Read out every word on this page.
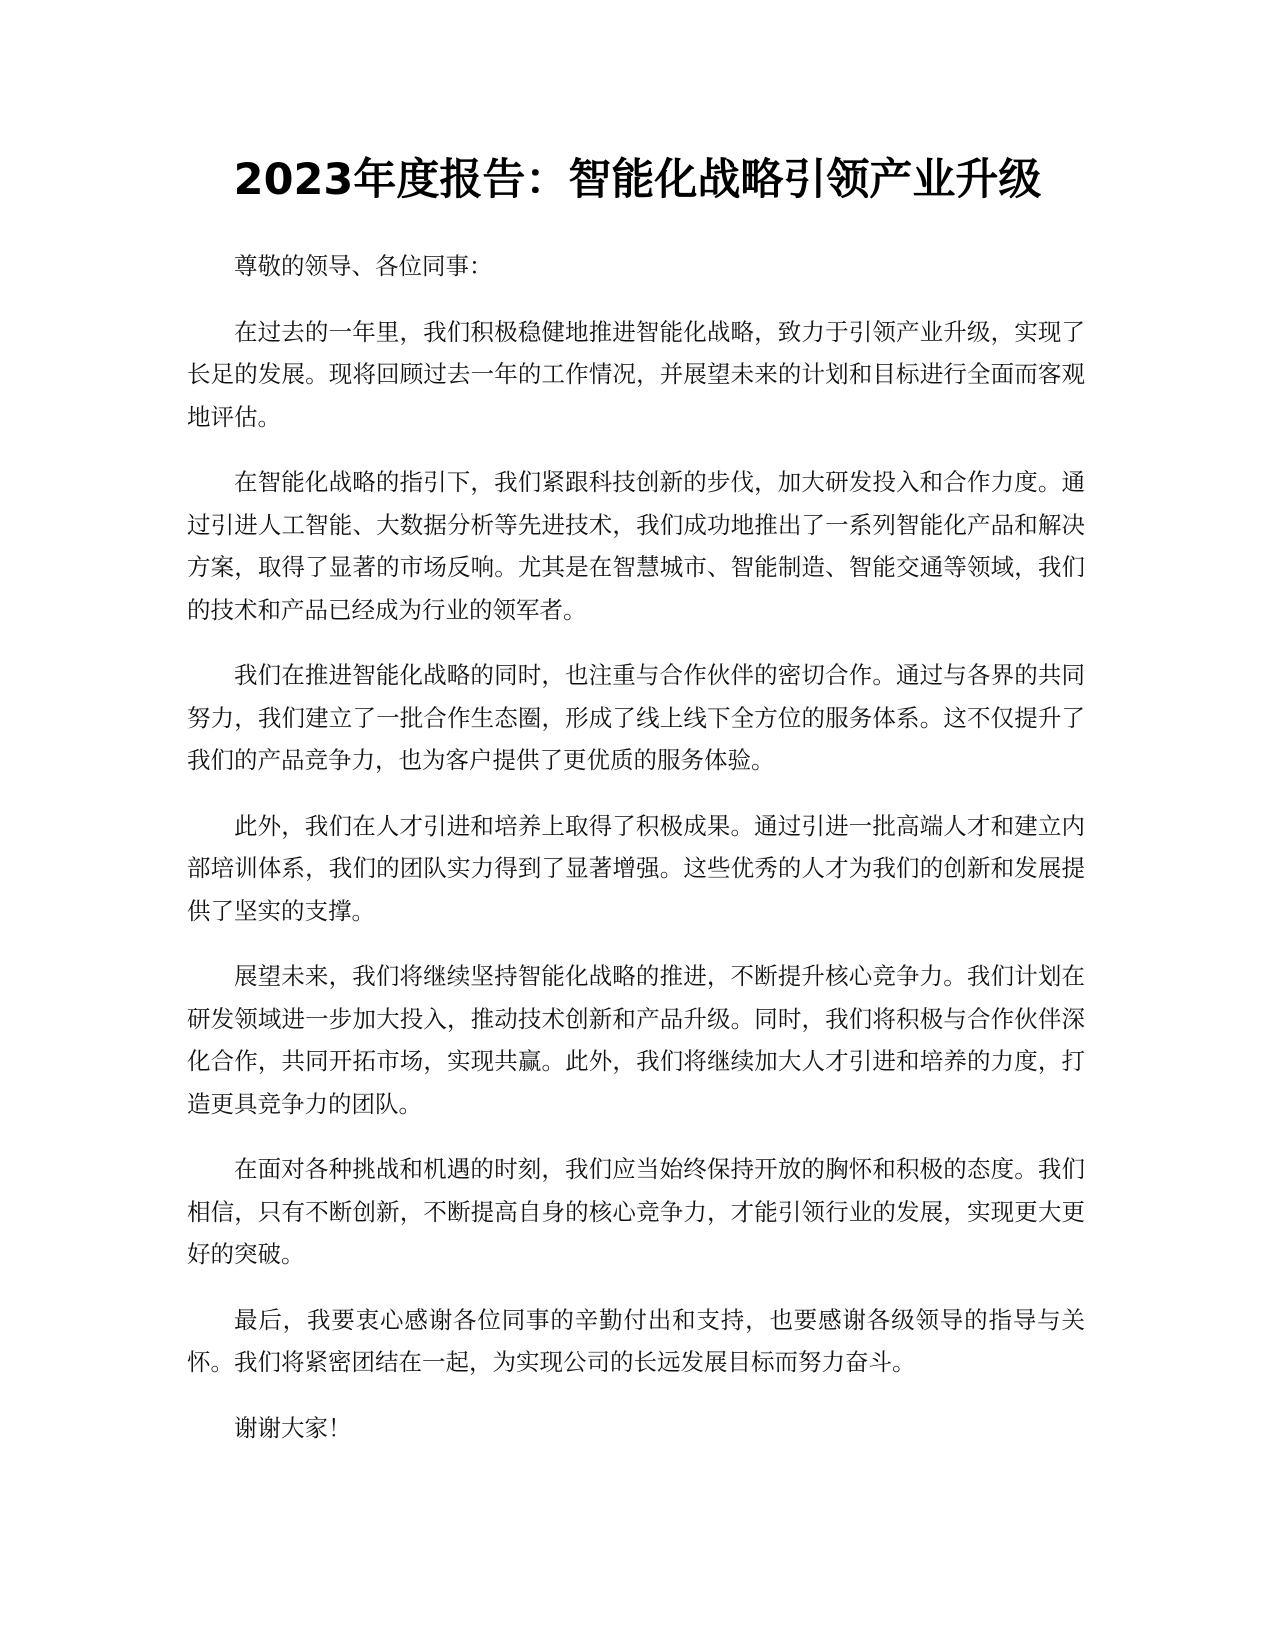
2023年度报告：智能化战略引领产业升级

尊敬的领导、各位同事：

在过去的一年里，我们积极稳健地推进智能化战略，致力于引领产业升级，实现了长足的发展。现将回顾过去一年的工作情况，并展望未来的计划和目标进行全面而客观地评估。

在智能化战略的指引下，我们紧跟科技创新的步伐，加大研发投入和合作力度。通过引进人工智能、大数据分析等先进技术，我们成功地推出了一系列智能化产品和解决方案，取得了显著的市场反响。尤其是在智慧城市、智能制造、智能交通等领域，我们的技术和产品已经成为行业的领军者。

我们在推进智能化战略的同时，也注重与合作伙伴的密切合作。通过与各界的共同努力，我们建立了一批合作生态圈，形成了线上线下全方位的服务体系。这不仅提升了我们的产品竞争力，也为客户提供了更优质的服务体验。

此外，我们在人才引进和培养上取得了积极成果。通过引进一批高端人才和建立内部培训体系，我们的团队实力得到了显著增强。这些优秀的人才为我们的创新和发展提供了坚实的支撑。

展望未来，我们将继续坚持智能化战略的推进，不断提升核心竞争力。我们计划在研发领域进一步加大投入，推动技术创新和产品升级。同时，我们将积极与合作伙伴深化合作，共同开拓市场，实现共赢。此外，我们将继续加大人才引进和培养的力度，打造更具竞争力的团队。

在面对各种挑战和机遇的时刻，我们应当始终保持开放的胸怀和积极的态度。我们相信，只有不断创新，不断提高自身的核心竞争力，才能引领行业的发展，实现更大更好的突破。

最后，我要衷心感谢各位同事的辛勤付出和支持，也要感谢各级领导的指导与关怀。我们将紧密团结在一起，为实现公司的长远发展目标而努力奋斗。

谢谢大家！
